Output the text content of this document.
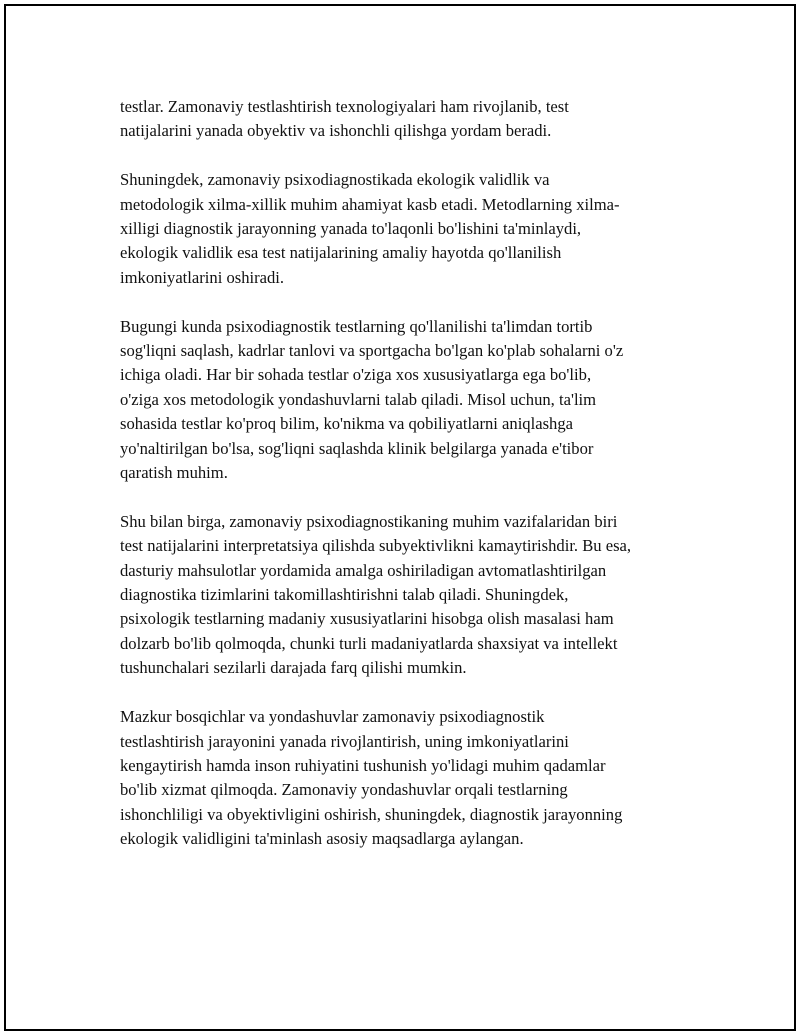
testlar. Zamonaviy testlashtirish texnologiyalari ham rivojlanib, test
natijalarini yanada obyektiv va ishonchli qilishga yordam beradi.

Shuningdek, zamonaviy psixodiagnostikada ekologik validlik va
metodologik xilma-xillik muhim ahamiyat kasb etadi. Metodlarning xilma-
xilligi diagnostik jarayonning yanada to'laqonli bo'lishini ta'minlaydi,
ekologik validlik esa test natijalarining amaliy hayotda qo'llanilish
imkoniyatlarini oshiradi.

Bugungi kunda psixodiagnostik testlarning qo'llanilishi ta'limdan tortib
sog'liqni saqlash, kadrlar tanlovi va sportgacha bo'lgan ko'plab sohalarni o'z
ichiga oladi. Har bir sohada testlar o'ziga xos xususiyatlarga ega bo'lib,
o'ziga xos metodologik yondashuvlarni talab qiladi. Misol uchun, ta'lim
sohasida testlar ko'proq bilim, ko'nikma va qobiliyatlarni aniqlashga
yo'naltirilgan bo'lsa, sog'liqni saqlashda klinik belgilarga yanada e'tibor
qaratish muhim.

Shu bilan birga, zamonaviy psixodiagnostikaning muhim vazifalaridan biri
test natijalarini interpretatsiya qilishda subyektivlikni kamaytirishdir. Bu esa,
dasturiy mahsulotlar yordamida amalga oshiriladigan avtomatlashtirilgan
diagnostika tizimlarini takomillashtirishni talab qiladi. Shuningdek,
psixologik testlarning madaniy xususiyatlarini hisobga olish masalasi ham
dolzarb bo'lib qolmoqda, chunki turli madaniyatlarda shaxsiyat va intellekt
tushunchalari sezilarli darajada farq qilishi mumkin.

Mazkur bosqichlar va yondashuvlar zamonaviy psixodiagnostik
testlashtirish jarayonini yanada rivojlantirish, uning imkoniyatlarini
kengaytirish hamda inson ruhiyatini tushunish yo'lidagi muhim qadamlar
bo'lib xizmat qilmoqda. Zamonaviy yondashuvlar orqali testlarning
ishonchliligi va obyektivligini oshirish, shuningdek, diagnostik jarayonning
ekologik validligini ta'minlash asosiy maqsadlarga aylangan.
